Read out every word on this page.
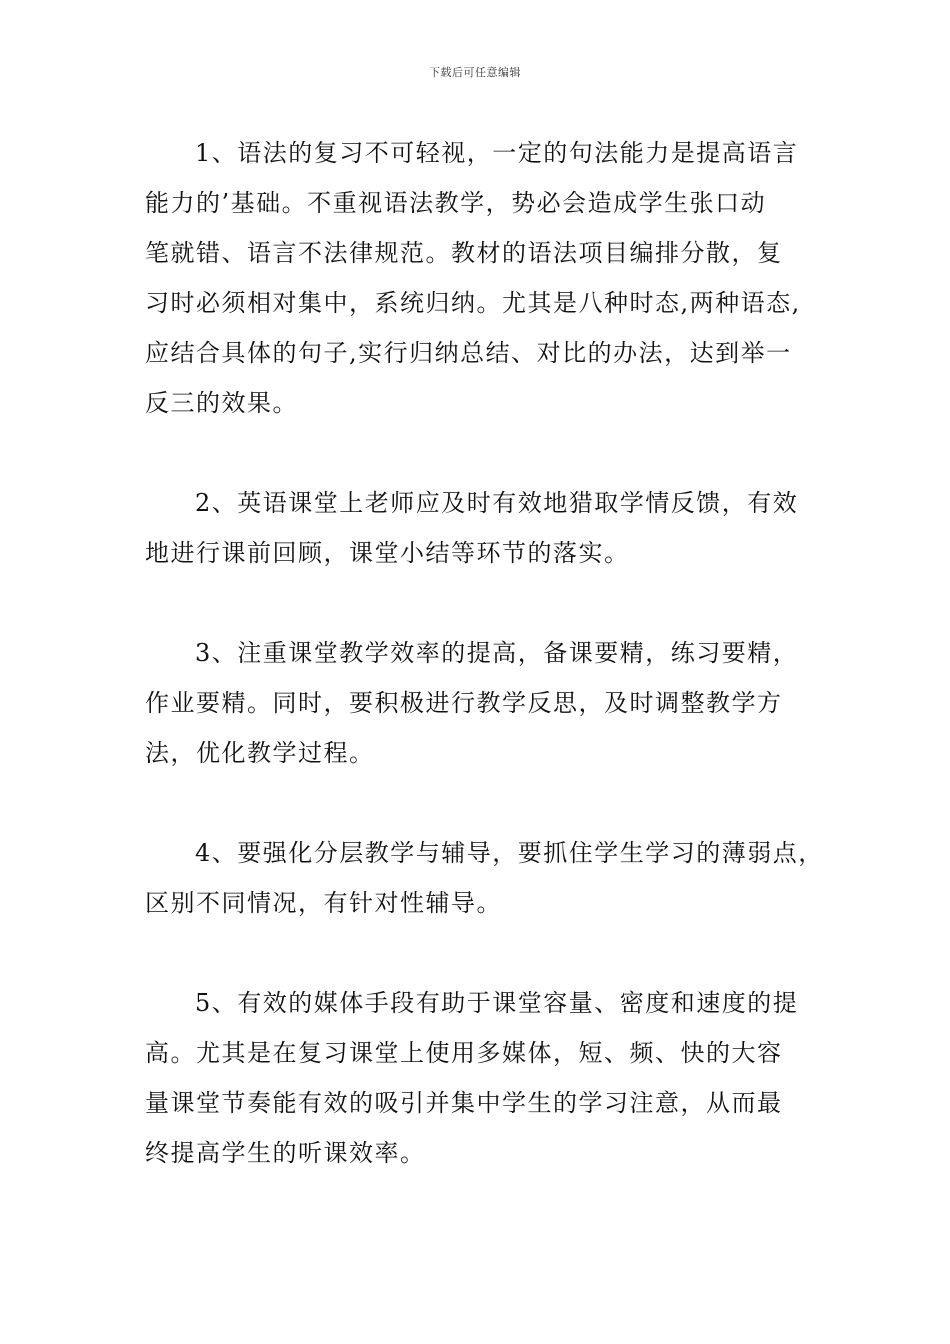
下载后可任意编辑

1、语法的复习不可轻视，一定的句法能力是提高语言
能力的’基础。不重视语法教学，势必会造成学生张口动
笔就错、语言不法律规范。教材的语法项目编排分散，复
习时必须相对集中，系统归纳。尤其是八种时态,两种语态,
应结合具体的句子,实行归纳总结、对比的办法，达到举一
反三的效果。

2、英语课堂上老师应及时有效地猎取学情反馈，有效
地进行课前回顾，课堂小结等环节的落实。

3、注重课堂教学效率的提高，备课要精，练习要精，
作业要精。同时，要积极进行教学反思，及时调整教学方
法，优化教学过程。

4、要强化分层教学与辅导，要抓住学生学习的薄弱点，
区别不同情况，有针对性辅导。

5、有效的媒体手段有助于课堂容量、密度和速度的提
高。尤其是在复习课堂上使用多媒体，短、频、快的大容
量课堂节奏能有效的吸引并集中学生的学习注意，从而最
终提高学生的听课效率。
